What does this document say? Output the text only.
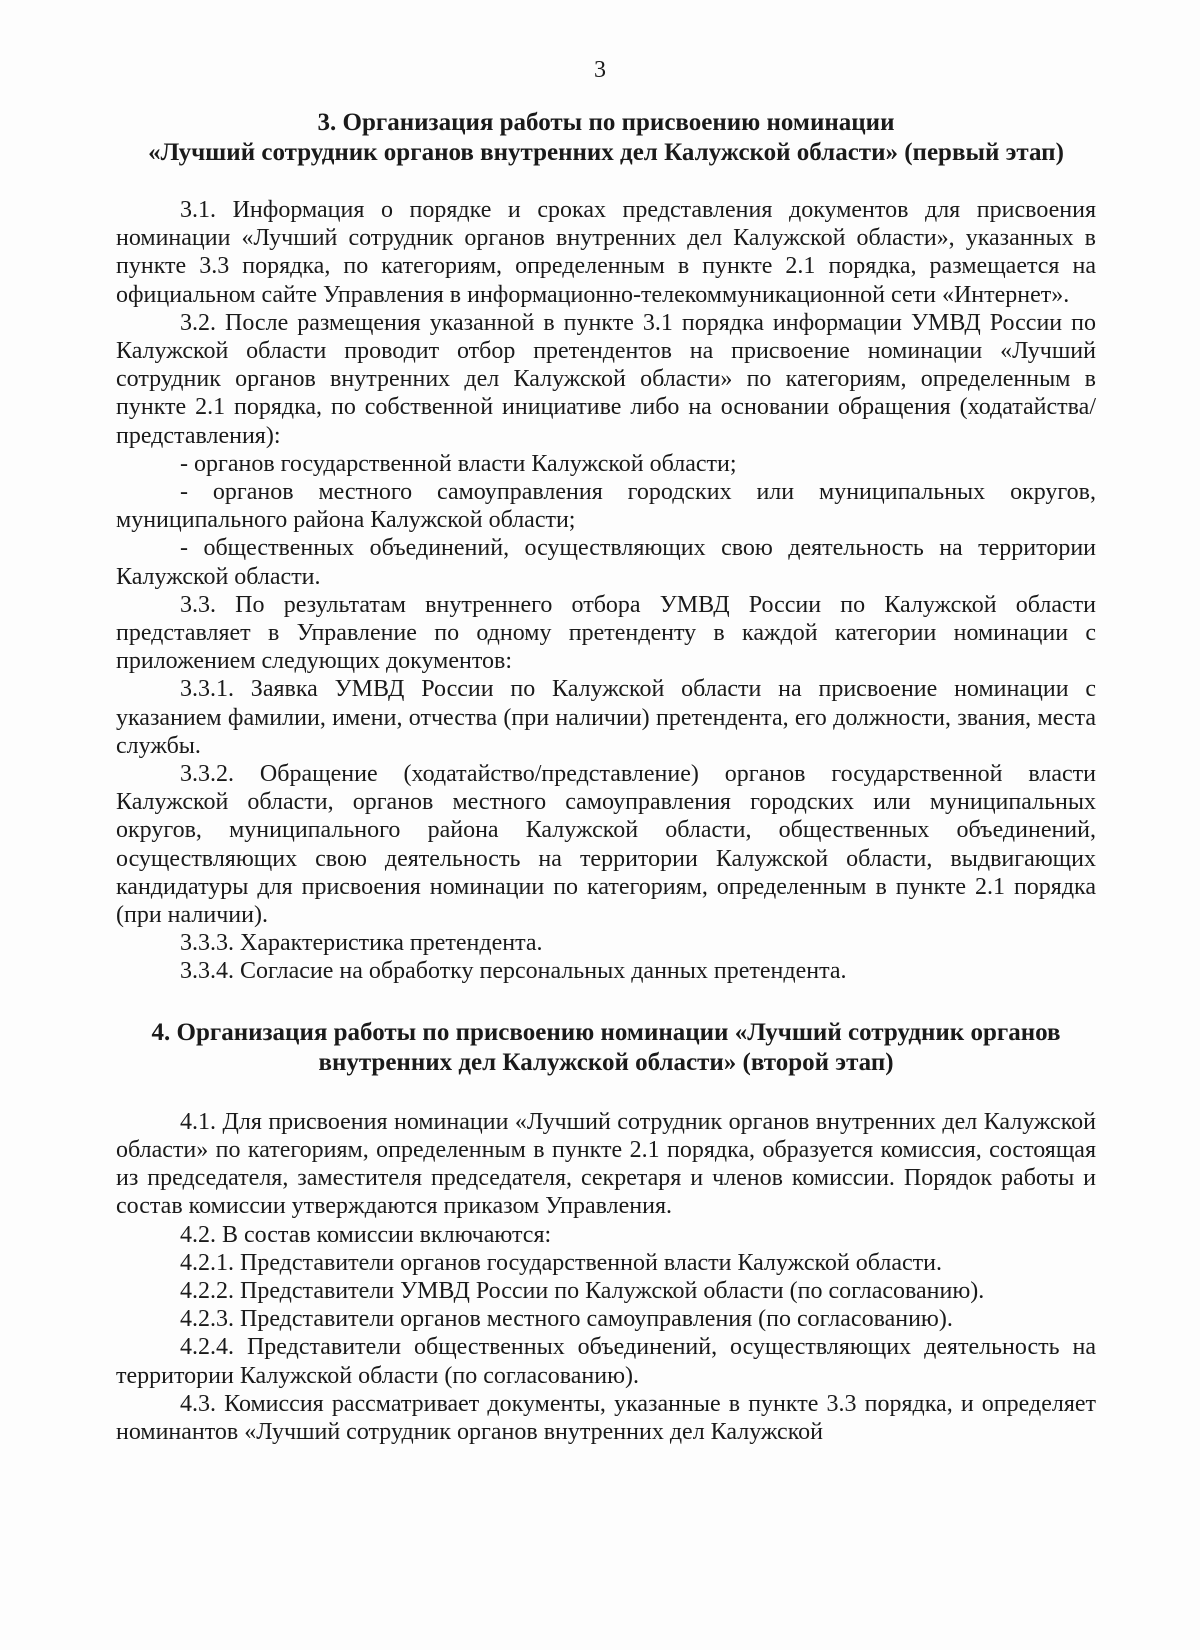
3
3. Организация работы по присвоению номинации
«Лучший сотрудник органов внутренних дел Калужской области» (первый этап)

3.1. Информация о порядке и сроках представления документов для присвоения номинации «Лучший сотрудник органов внутренних дел Калужской области», указанных в пункте 3.3 порядка, по категориям, определенным в пункте 2.1 порядка, размещается на официальном сайте Управления в информационно-телекоммуникационной сети «Интернет».

3.2. После размещения указанной в пункте 3.1 порядка информации УМВД России по Калужской области проводит отбор претендентов на присвоение номинации «Лучший сотрудник органов внутренних дел Калужской области» по категориям, определенным в пункте 2.1 порядка, по собственной инициативе либо на основании обращения (ходатайства/представления):

- органов государственной власти Калужской области;

- органов местного самоуправления городских или муниципальных округов, муниципального района Калужской области;

- общественных объединений, осуществляющих свою деятельность на территории Калужской области.

3.3. По результатам внутреннего отбора УМВД России по Калужской области представляет в Управление по одному претенденту в каждой категории номинации с приложением следующих документов:

3.3.1. Заявка УМВД России по Калужской области на присвоение номинации с указанием фамилии, имени, отчества (при наличии) претендента, его должности, звания, места службы.

3.3.2. Обращение (ходатайство/представление) органов государственной власти Калужской области, органов местного самоуправления городских или муниципальных округов, муниципального района Калужской области, общественных объединений, осуществляющих свою деятельность на территории Калужской области, выдвигающих кандидатуры для присвоения номинации по категориям, определенным в пункте 2.1 порядка (при наличии).

3.3.3. Характеристика претендента.

3.3.4. Согласие на обработку персональных данных претендента.

4. Организация работы по присвоению номинации «Лучший сотрудник органов
внутренних дел Калужской области» (второй этап)

4.1. Для присвоения номинации «Лучший сотрудник органов внутренних дел Калужской области» по категориям, определенным в пункте 2.1 порядка, образуется комиссия, состоящая из председателя, заместителя председателя, секретаря и членов комиссии. Порядок работы и состав комиссии утверждаются приказом Управления.

4.2. В состав комиссии включаются:

4.2.1. Представители органов государственной власти Калужской области.

4.2.2. Представители УМВД России по Калужской области (по согласованию).

4.2.3. Представители органов местного самоуправления (по согласованию).

4.2.4. Представители общественных объединений, осуществляющих деятельность на территории Калужской области (по согласованию).

4.3. Комиссия рассматривает документы, указанные в пункте 3.3 порядка, и определяет номинантов «Лучший сотрудник органов внутренних дел Калужской
